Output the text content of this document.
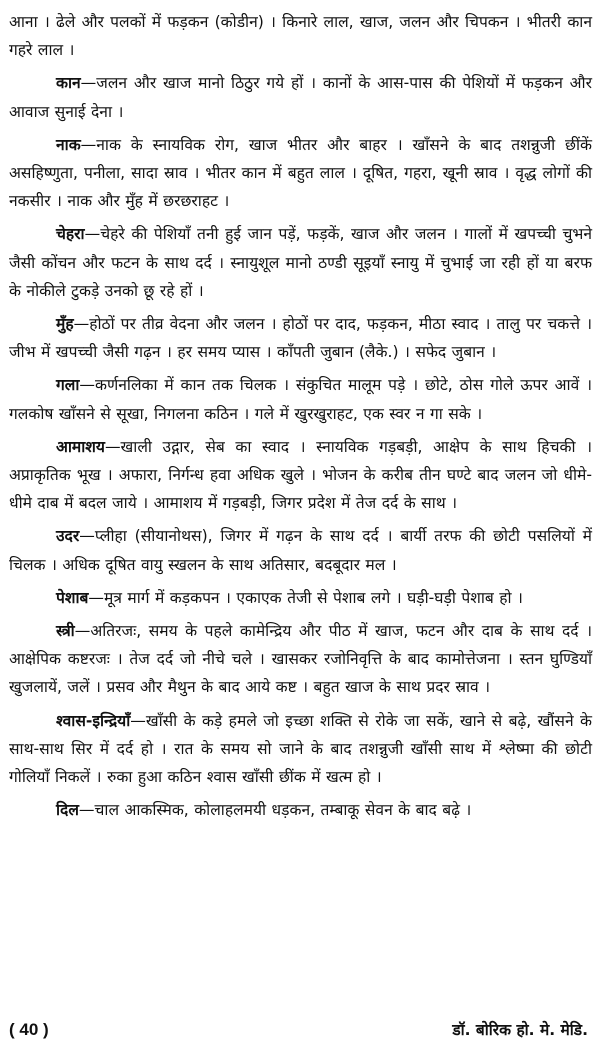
आना । ढेले और पलकों में फड़कन (कोडीन) । किनारे लाल, खाज, जलन और चिपकन । भीतरी कान गहरे लाल ।

कान—जलन और खाज मानो ठिठुर गये हों । कानों के आस-पास की पेशियों में फड़कन और आवाज सुनाई देना ।

नाक—नाक के स्नायविक रोग, खाज भीतर और बाहर । खाँसने के बाद तशन्नुजी छींकें असहिष्णुता, पनीला, सादा स्राव । भीतर कान में बहुत लाल । दूषित, गहरा, खूनी स्राव । वृद्ध लोगों की नकसीर । नाक और मुँह में छरछराहट ।

चेहरा—चेहरे की पेशियाँ तनी हुई जान पड़ें, फड़कें, खाज और जलन । गालों में खपच्ची चुभने जैसी कोंचन और फटन के साथ दर्द । स्नायुशूल मानो ठण्डी सूइयाँ स्नायु में चुभाई जा रही हों या बरफ के नोकीले टुकड़े उनको छू रहे हों ।

मुँह—होठों पर तीव्र वेदना और जलन । होठों पर दाद, फड़कन, मीठा स्वाद । तालु पर चकत्ते । जीभ में खपच्ची जैसी गढ़न । हर समय प्यास । काँपती जुबान (लैके.) । सफेद जुबान ।

गला—कर्णनलिका में कान तक चिलक । संकुचित मालूम पड़े । छोटे, ठोस गोले ऊपर आवें । गलकोष खाँसने से सूखा, निगलना कठिन । गले में खुरखुराहट, एक स्वर न गा सके ।

आमाशय—खाली उद्गार, सेब का स्वाद । स्नायविक गड़बड़ी, आक्षेप के साथ हिचकी । अप्राकृतिक भूख । अफारा, निर्गन्ध हवा अधिक खुले । भोजन के करीब तीन घण्टे बाद जलन जो धीमे-धीमे दाब में बदल जाये । आमाशय में गड़बड़ी, जिगर प्रदेश में तेज दर्द के साथ ।

उदर—प्लीहा (सीयानोथस), जिगर में गढ़न के साथ दर्द । बार्यी तरफ की छोटी पसलियों में चिलक । अधिक दूषित वायु स्खलन के साथ अतिसार, बदबूदार मल ।

पेशाब—मूत्र मार्ग में कड़कपन । एकाएक तेजी से पेशाब लगे । घड़ी-घड़ी पेशाब हो ।

स्त्री—अतिरजः, समय के पहले कामेन्द्रिय और पीठ में खाज, फटन और दाब के साथ दर्द । आक्षेपिक कष्टरजः । तेज दर्द जो नीचे चले । खासकर रजोनिवृत्ति के बाद कामोत्तेजना । स्तन घुण्डियाँ खुजलायें, जलें । प्रसव और मैथुन के बाद आये कष्ट । बहुत खाज के साथ प्रदर स्राव ।

श्वास-इन्द्रियाँ—खाँसी के कड़े हमले जो इच्छा शक्ति से रोके जा सकें, खाने से बढ़े, खौंसने के साथ-साथ सिर में दर्द हो । रात के समय सो जाने के बाद तशन्नुजी खाँसी साथ में श्लेष्मा की छोटी गोलियाँ निकलें । रुका हुआ कठिन श्वास खाँसी छींक में खत्म हो ।

दिल—चाल आकस्मिक, कोलाहलमयी धड़कन, तम्बाकू सेवन के बाद बढ़े ।

( 40 )	डॉ. बोरिक हो. मे. मेडि.
